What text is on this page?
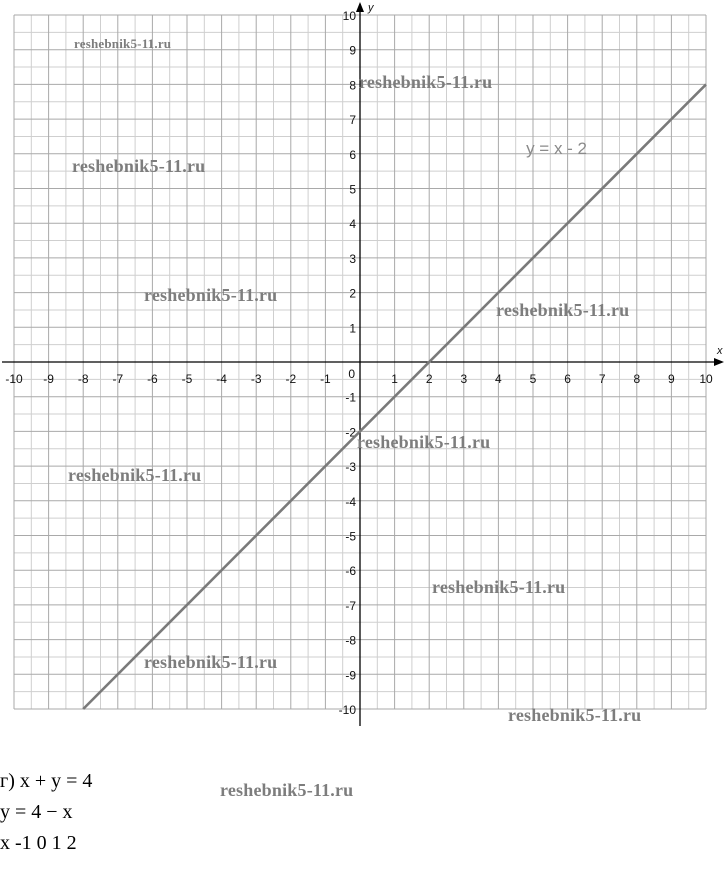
x
y
-10 -9 -8 -7 -6 -5 -4 -3 -2 -1	1 2 3 4 5 6 7 8 9 10
10
9
8
7
6
5
4
3
2
1
-1
-2
-3
-4
-5
-6
-7
-8
-9
-10
0
y = x - 2
reshebnik5-11.ru
reshebnik5-11.ru
reshebnik5-11.ru
reshebnik5-11.ru
reshebnik5-11.ru
reshebnik5-11.ru
reshebnik5-11.ru
reshebnik5-11.ru
reshebnik5-11.ru
reshebnik5-11.ru
reshebnik5-11.ru
г) x + y = 4
y = 4 − x
x -1 0 1 2
